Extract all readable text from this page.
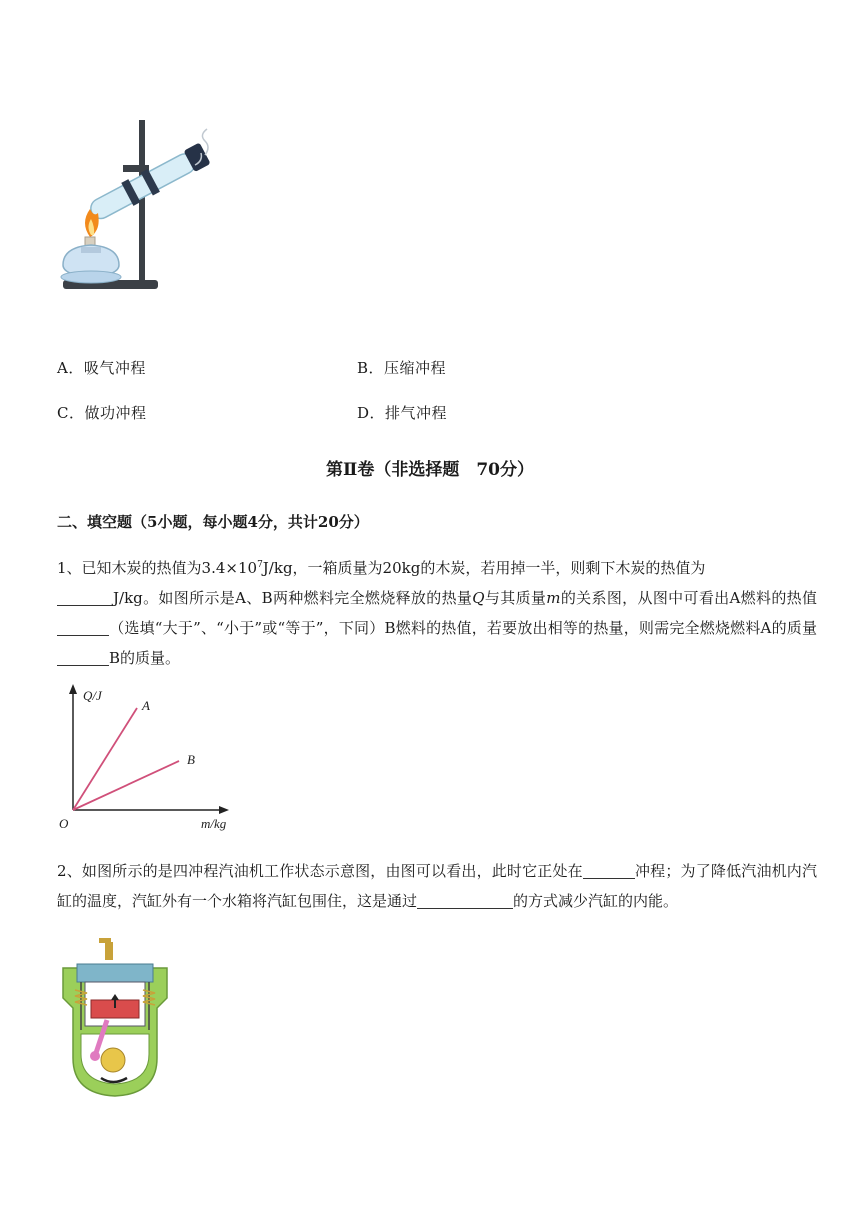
A．吸气冲程	B．压缩冲程
C．做功冲程	D．排气冲程
第Ⅱ卷（非选择题　70分）
二、填空题（5小题，每小题4分，共计20分）
1、已知木炭的热值为$3.4\times 10^7J/kg$，一箱质量为20kg的木炭，若用掉一半，则剩下木炭的热值为
J/kg。如图所示是A、B两种燃料完全燃烧释放的热量Q与其质量m的关系图，从图中可看出A燃料的热值（选填“大于”、“小于”或“等于”，下同）B燃料的热值，若要放出相等的热量，则需完全燃烧燃料A的质量B的质量。
Q/J
m/kg
O
A
B
2、如图所示的是四冲程汽油机工作状态示意图，由图可以看出，此时它正处在	冲程；为了降低汽油机内汽缸的温度，汽缸外有一个水箱将汽缸包围住，这是通过	的方式减少汽缸的内能。
